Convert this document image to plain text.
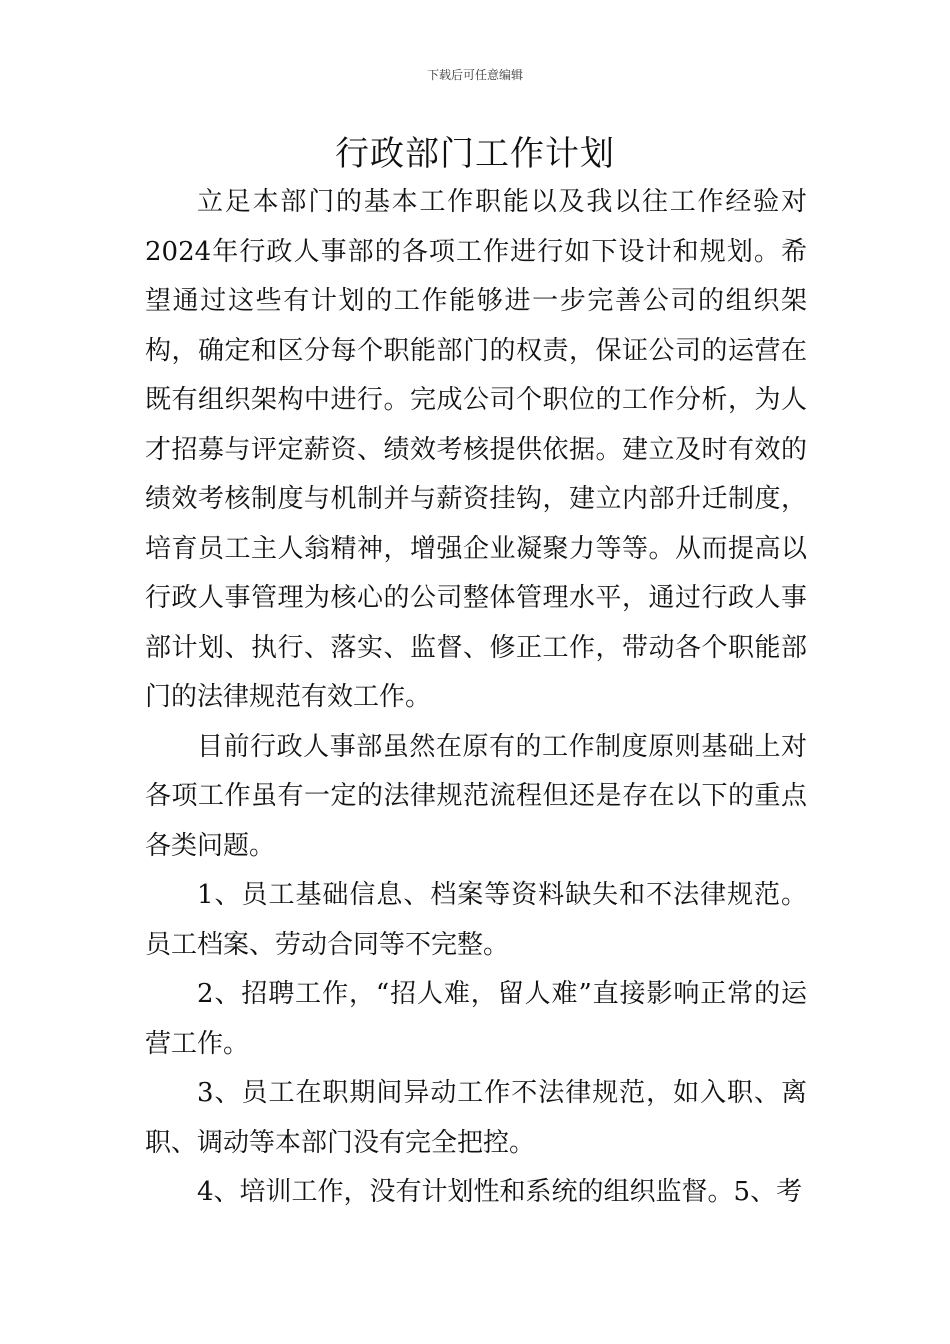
下载后可任意编辑
行政部门工作计划

立足本部门的基本工作职能以及我以往工作经验对2024年行政人事部的各项工作进行如下设计和规划。希望通过这些有计划的工作能够进一步完善公司的组织架构，确定和区分每个职能部门的权责，保证公司的运营在既有组织架构中进行。完成公司个职位的工作分析，为人才招募与评定薪资、绩效考核提供依据。建立及时有效的绩效考核制度与机制并与薪资挂钩，建立内部升迁制度，培育员工主人翁精神，增强企业凝聚力等等。从而提高以行政人事管理为核心的公司整体管理水平，通过行政人事部计划、执行、落实、监督、修正工作，带动各个职能部门的法律规范有效工作。

目前行政人事部虽然在原有的工作制度原则基础上对各项工作虽有一定的法律规范流程但还是存在以下的重点各类问题。

1、员工基础信息、档案等资料缺失和不法律规范。员工档案、劳动合同等不完整。

2、招聘工作，“招人难，留人难”直接影响正常的运营工作。

3、员工在职期间异动工作不法律规范，如入职、离职、调动等本部门没有完全把控。

4、培训工作，没有计划性和系统的组织监督。5、考
